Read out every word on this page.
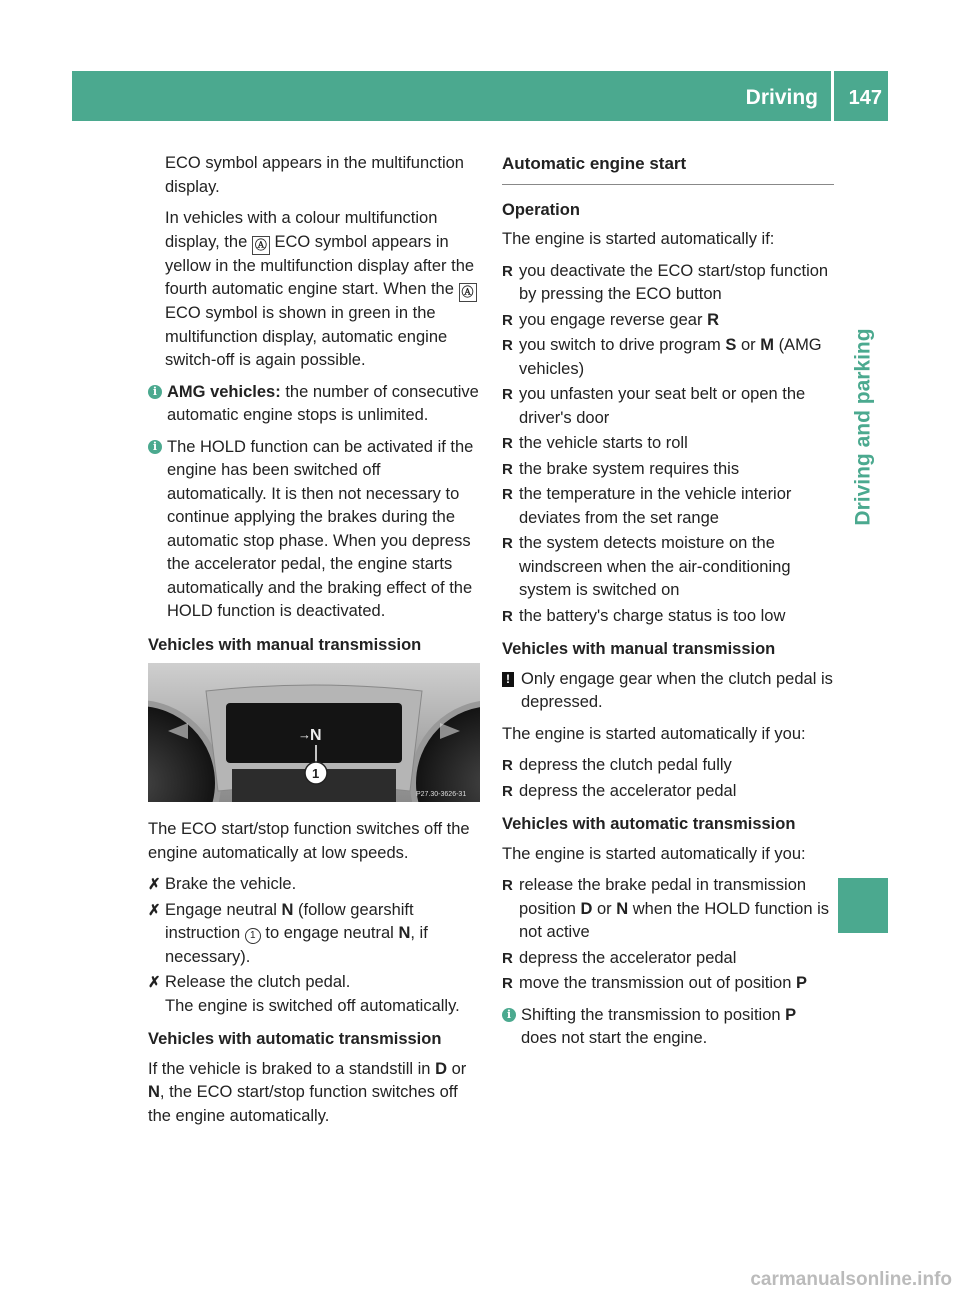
Driving 147
Driving and parking

ECO symbol appears in the multifunction display.

In vehicles with a colour multifunction display, the Ⓐ ECO symbol appears in yellow in the multifunction display after the fourth automatic engine start. When the Ⓐ ECO symbol is shown in green in the multifunction display, automatic engine switch-off is again possible.

i AMG vehicles: the number of consecutive automatic engine stops is unlimited.
i The HOLD function can be activated if the engine has been switched off automatically. It is then not necessary to continue applying the brakes during the automatic stop phase. When you depress the accelerator pedal, the engine starts automatically and the braking effect of the HOLD function is deactivated.
Vehicles with manual transmission
→ N
1
P27.30-3626-31

The ECO start/stop function switches off the engine automatically at low speeds.

✗ Brake the vehicle.
✗ Engage neutral N (follow gearshift instruction 1 to engage neutral N, if necessary).
✗ Release the clutch pedal.
The engine is switched off automatically.
Vehicles with automatic transmission

If the vehicle is braked to a standstill in D or N, the ECO start/stop function switches off the engine automatically.

Automatic engine start
Operation

The engine is started automatically if:

R you deactivate the ECO start/stop function by pressing the ECO button
R you engage reverse gear R
R you switch to drive program S or M (AMG vehicles)
R you unfasten your seat belt or open the driver's door
R the vehicle starts to roll
R the brake system requires this
R the temperature in the vehicle interior deviates from the set range
R the system detects moisture on the windscreen when the air-conditioning system is switched on
R the battery's charge status is too low
Vehicles with manual transmission
! Only engage gear when the clutch pedal is depressed.

The engine is started automatically if you:

R depress the clutch pedal fully
R depress the accelerator pedal
Vehicles with automatic transmission

The engine is started automatically if you:

R release the brake pedal in transmission position D or N when the HOLD function is not active
R depress the accelerator pedal
R move the transmission out of position P
i Shifting the transmission to position P does not start the engine.
carmanualsonline.info
